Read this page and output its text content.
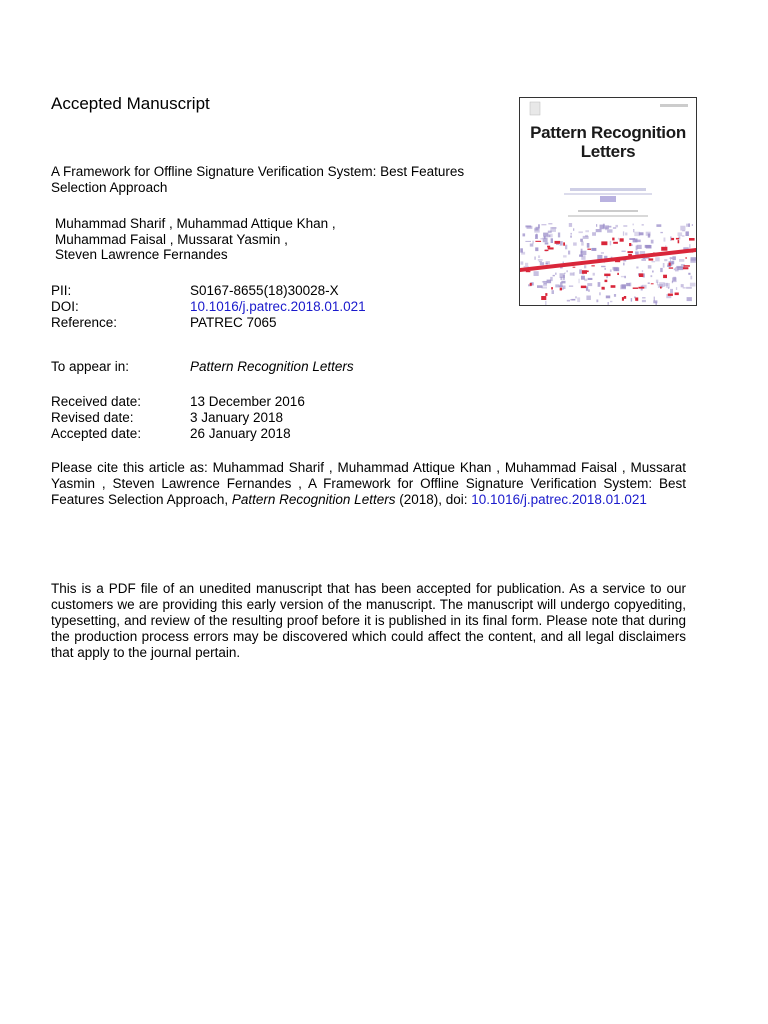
Accepted Manuscript
A Framework for Offline Signature Verification System: Best Features Selection Approach
Muhammad Sharif , Muhammad Attique Khan ,
Muhammad Faisal , Mussarat Yasmin ,
Steven Lawrence Fernandes
PII:	S0167-8655(18)30028-X
DOI:	10.1016/j.patrec.2018.01.021
Reference:	PATREC 7065
To appear in:	Pattern Recognition Letters
Received date:	13 December 2016
Revised date:	3 January 2018
Accepted date:	26 January 2018
Please cite this article as: Muhammad Sharif , Muhammad Attique Khan , Muhammad Faisal , Mussarat Yasmin , Steven Lawrence Fernandes , A Framework for Offline Signature Verification System: Best Features Selection Approach, Pattern Recognition Letters (2018), doi: 10.1016/j.patrec.2018.01.021
This is a PDF file of an unedited manuscript that has been accepted for publication. As a service to our customers we are providing this early version of the manuscript. The manuscript will undergo copyediting, typesetting, and review of the resulting proof before it is published in its final form. Please note that during the production process errors may be discovered which could affect the content, and all legal disclaimers that apply to the journal pertain.
Pattern Recognition Letters
